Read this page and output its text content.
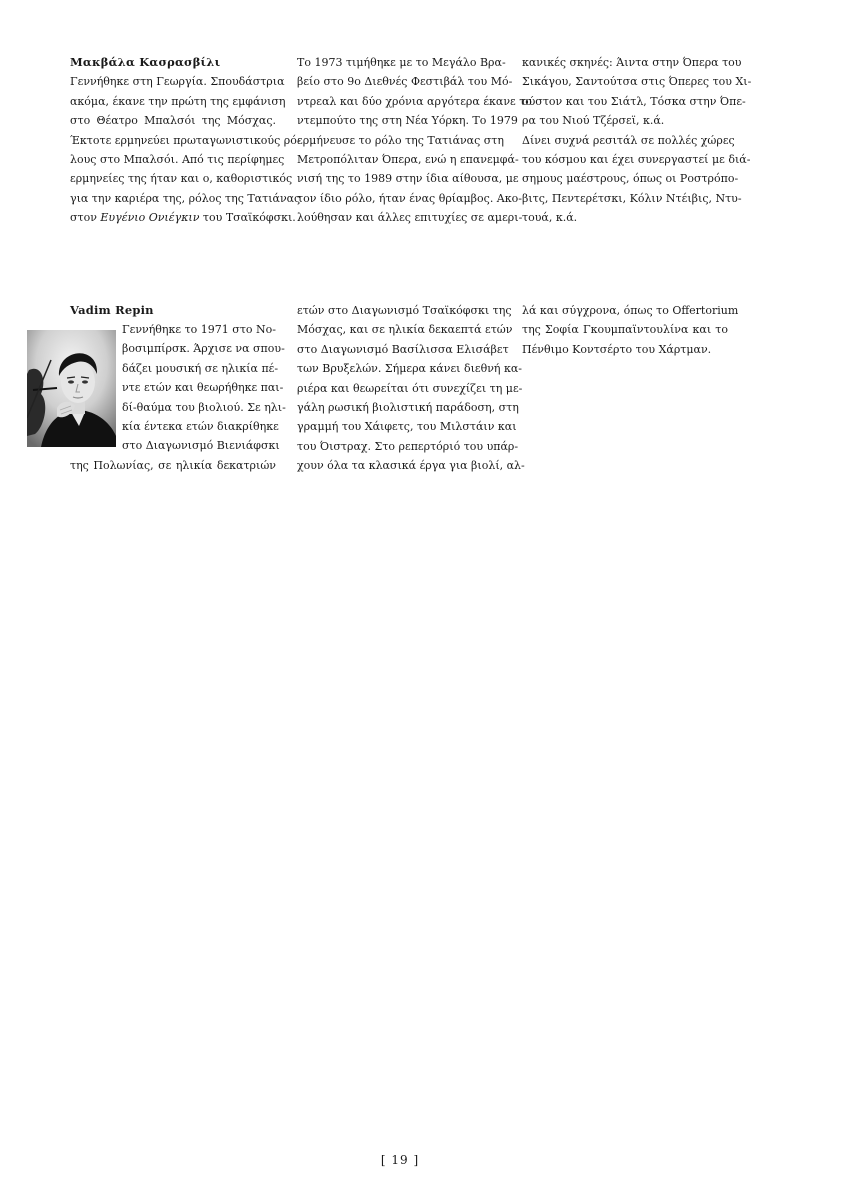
Μακβάλα Κασρασβίλι
Γεννήθηκε στη Γεωργία. Σπουδάστρια
ακόμα, έκανε την πρώτη της εμφάνιση
στο Θέατρο Μπαλσόι της Μόσχας.
Έκτοτε ερμηνεύει πρωταγωνιστικούς ρό-
λους στο Μπαλσόι. Από τις περίφημες
ερμηνείες της ήταν και ο, καθοριστικός
για την καριέρα της, ρόλος της Τατιάνας
στον Ευγένιο Ονιέγκιν του Τσαϊκόφσκι.
Το 1973 τιμήθηκε με το Μεγάλο Βρα-
βείο στο 9ο Διεθνές Φεστιβάλ του Μό-
ντρεαλ και δύο χρόνια αργότερα έκανε το
ντεμπούτο της στη Νέα Υόρκη. Το 1979
ερμήνευσε το ρόλο της Τατιάνας στη
Μετροπόλιταν Όπερα, ενώ η επανεμφά-
νισή της το 1989 στην ίδια αίθουσα, με
τον ίδιο ρόλο, ήταν ένας θρίαμβος. Ακο-
λούθησαν και άλλες επιτυχίες σε αμερι-
κανικές σκηνές: Άιντα στην Όπερα του
Σικάγου, Σαντούτσα στις Όπερες του Χι-
ούστον και του Σιάτλ, Τόσκα στην Όπε-
ρα του Νιού Τζέρσεϊ, κ.ά.
Δίνει συχνά ρεσιτάλ σε πολλές χώρες
του κόσμου και έχει συνεργαστεί με διά-
σημους μαέστρους, όπως οι Ροστρόπο-
βιτς, Πεντερέτσκι, Κόλιν Ντέιβις, Ντυ-
τουά, κ.ά.
Vadim Repin
Γεννήθηκε το 1971 στο Νο-
βοσιμπίρσκ. Άρχισε να σπου-
δάζει μουσική σε ηλικία πέ-
ντε ετών και θεωρήθηκε παι-
δί-θαύμα του βιολιού. Σε ηλι-
κία έντεκα ετών διακρίθηκε
στο Διαγωνισμό Βιενιάφσκι
της Πολωνίας, σε ηλικία δεκατριών
ετών στο Διαγωνισμό Τσαϊκόφσκι της
Μόσχας, και σε ηλικία δεκαεπτά ετών
στο Διαγωνισμό Βασίλισσα Ελισάβετ
των Βρυξελών. Σήμερα κάνει διεθνή κα-
ριέρα και θεωρείται ότι συνεχίζει τη με-
γάλη ρωσική βιολιστική παράδοση, στη
γραμμή του Χάιφετς, του Μιλστάιν και
του Όιστραχ. Στο ρεπερτόριό του υπάρ-
χουν όλα τα κλασικά έργα για βιολί, αλ-
λά και σύγχρονα, όπως το Offertorium
της Σοφία Γκουμπαϊντουλίνα και το
Πένθιμο Κοντσέρτο του Χάρτμαν.
[ 19 ]
